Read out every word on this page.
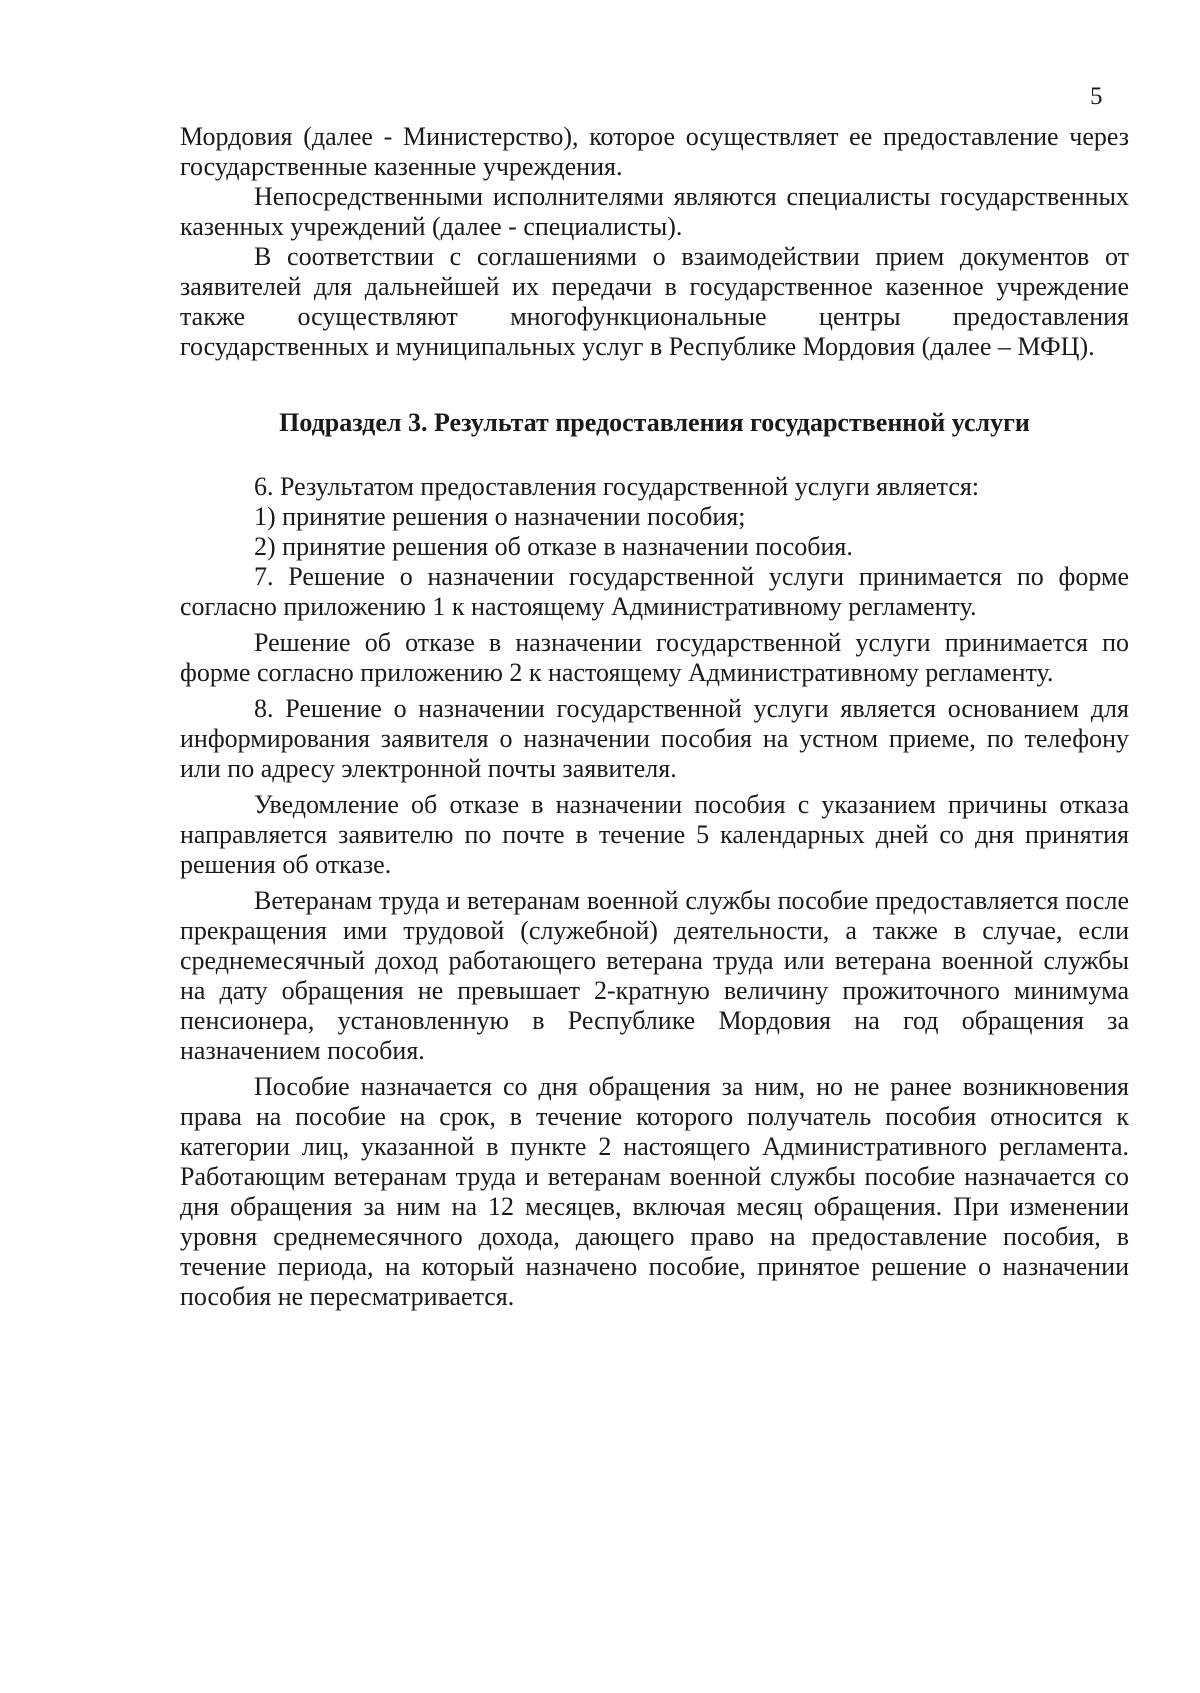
5

Мордовия (далее - Министерство), которое осуществляет ее предоставление через государственные казенные учреждения.

Непосредственными исполнителями являются специалисты государственных казенных учреждений (далее - специалисты).

В соответствии с соглашениями о взаимодействии прием документов от заявителей для дальнейшей их передачи в государственное казенное учреждение также осуществляют многофункциональные центры предоставления государственных и муниципальных услуг в Республике Мордовия (далее – МФЦ).

Подраздел 3. Результат предоставления государственной услуги

6. Результатом предоставления государственной услуги является:

1) принятие решения о назначении пособия;

2) принятие решения об отказе в назначении пособия.

7. Решение о назначении государственной услуги принимается по форме согласно приложению 1 к настоящему Административному регламенту.

Решение об отказе в назначении государственной услуги принимается по форме согласно приложению 2 к настоящему Административному регламенту.

8. Решение о назначении государственной услуги является основанием для информирования заявителя о назначении пособия на устном приеме, по телефону или по адресу электронной почты заявителя.

Уведомление об отказе в назначении пособия с указанием причины отказа направляется заявителю по почте в течение 5 календарных дней со дня принятия решения об отказе.

Ветеранам труда и ветеранам военной службы пособие предоставляется после прекращения ими трудовой (служебной) деятельности, а также в случае, если среднемесячный доход работающего ветерана труда или ветерана военной службы на дату обращения не превышает 2-кратную величину прожиточного минимума пенсионера, установленную в Республике Мордовия на год обращения за назначением пособия.

Пособие назначается со дня обращения за ним, но не ранее возникновения права на пособие на срок, в течение которого получатель пособия относится к категории лиц, указанной в пункте 2 настоящего Административного регламента. Работающим ветеранам труда и ветеранам военной службы пособие назначается со дня обращения за ним на 12 месяцев, включая месяц обращения. При изменении уровня среднемесячного дохода, дающего право на предоставление пособия, в течение периода, на который назначено пособие, принятое решение о назначении пособия не пересматривается.
